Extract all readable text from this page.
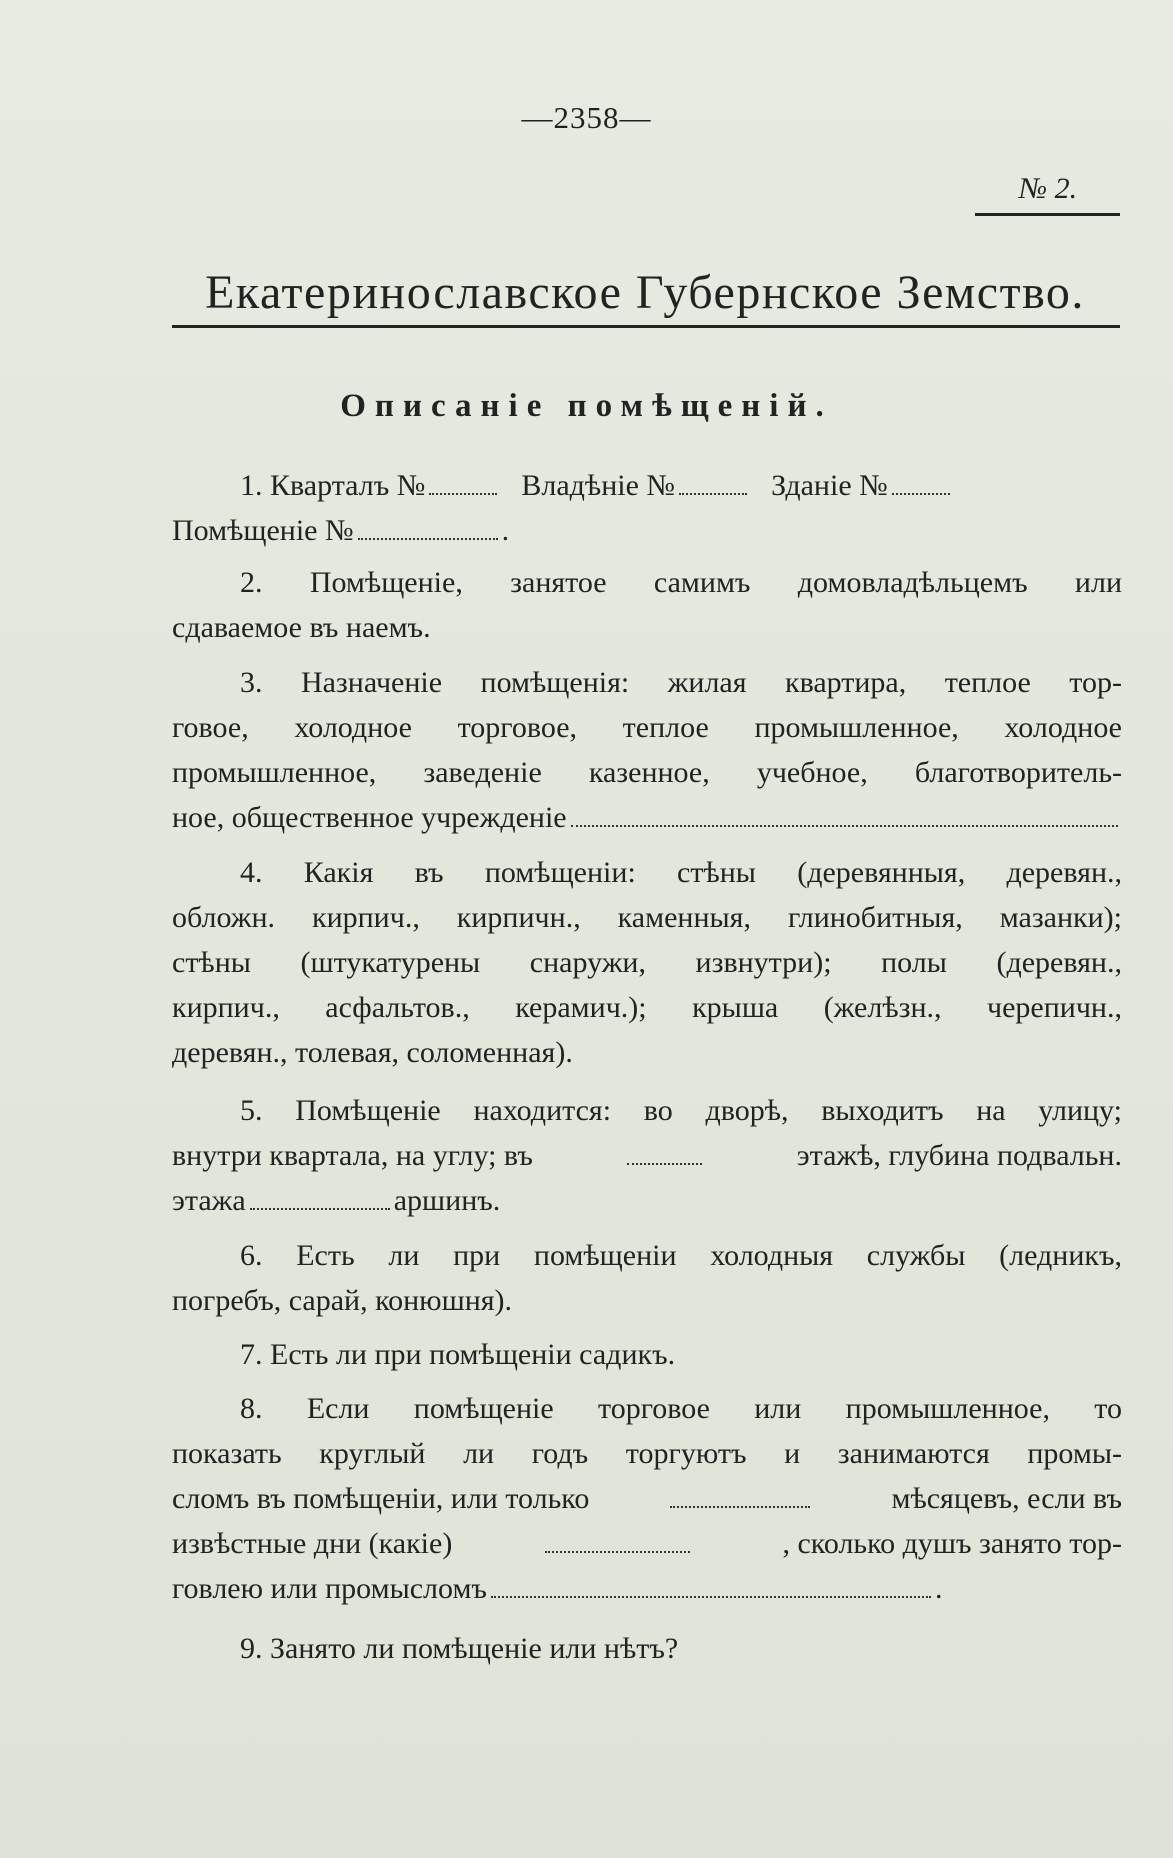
—2358—
№ 2.
Екатеринославское Губернское Земство.
Описаніе помѣщеній.

1. Кварталъ №	Владѣніе №	Зданіе №

Помѣщеніе №	.

2. Помѣщеніе, занятое самимъ домовладѣльцемъ или

сдаваемое въ наемъ.

3. Назначеніе помѣщенія: жилая квартира, теплое тор-

говое, холодное торговое, теплое промышленное, холодное

промышленное, заведеніе казенное, учебное, благотворитель-

ное, общественное учрежденіе

4. Какія въ помѣщеніи: стѣны (деревянныя, деревян.,

обложн. кирпич., кирпичн., каменныя, глинобитныя, мазанки);

стѣны (штукатурены снаружи, извнутри); полы (деревян.,

кирпич., асфальтов., керамич.); крыша (желѣзн., черепичн.,

деревян., толевая, соломенная).

5. Помѣщеніе находится: во дворѣ, выходитъ на улицу;

внутри квартала, на углу; въ	этажѣ, глубина подвальн.

этажа	аршинъ.

6. Есть ли при помѣщеніи холодныя службы (ледникъ,

погребъ, сарай, конюшня).

7. Есть ли при помѣщеніи садикъ.

8. Если помѣщеніе торговое или промышленное, то

показать круглый ли годъ торгуютъ и занимаются промы-

сломъ въ помѣщеніи, или только	мѣсяцевъ, если въ

извѣстные дни (какіе)	, сколько душъ занято тор-

говлею или промысломъ	.

9. Занято ли помѣщеніе или нѣтъ?
